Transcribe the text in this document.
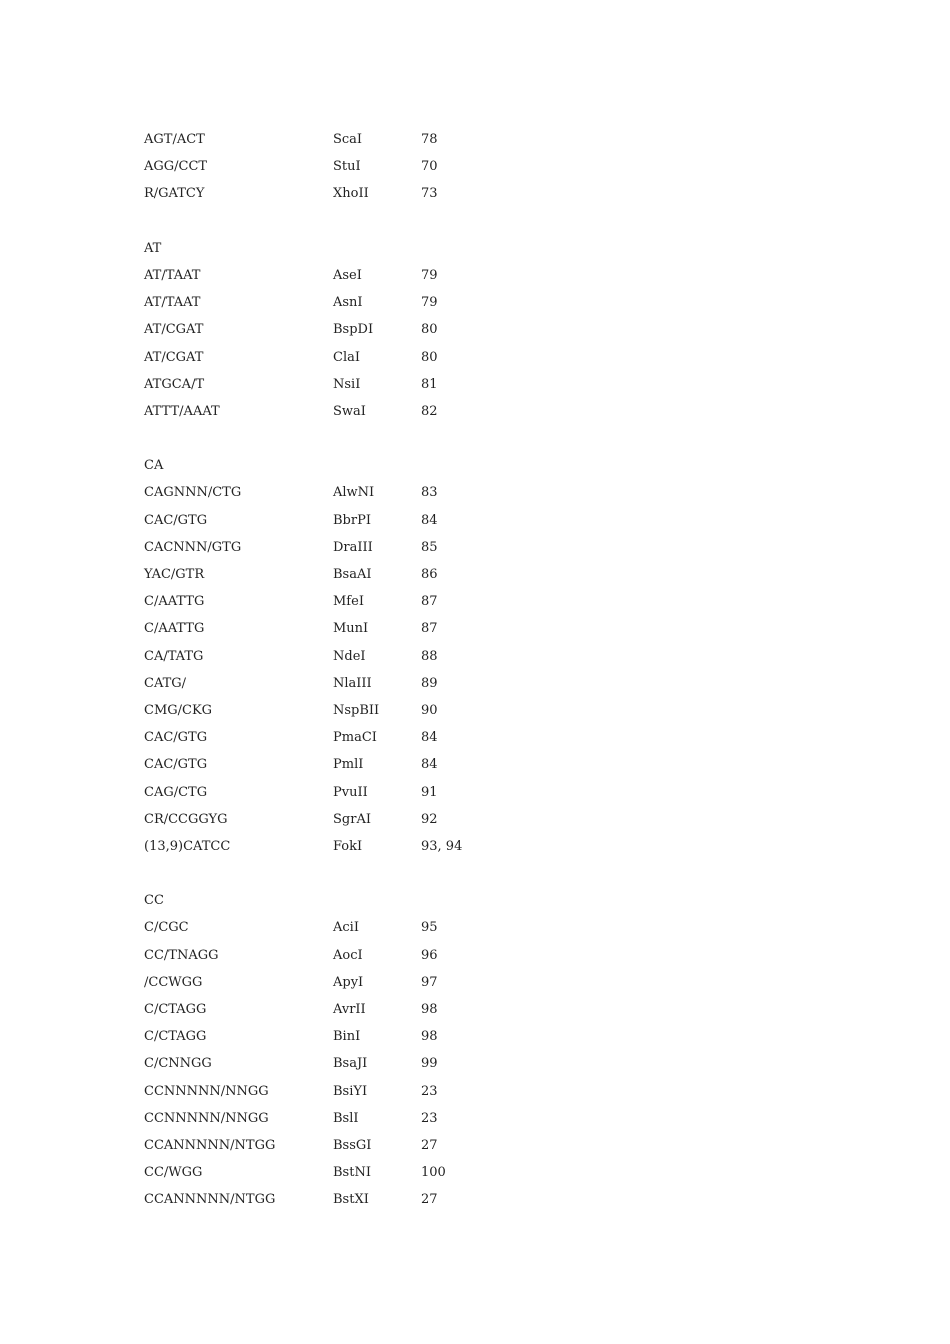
AGT/ACT	ScaI	78
AGG/CCT	StuI	70
R/GATCY	XhoII	73
AT
AT/TAAT	AseI	79
AT/TAAT	AsnI	79
AT/CGAT	BspDI	80
AT/CGAT	ClaI	80
ATGCA/T	NsiI	81
ATTT/AAAT	SwaI	82
CA
CAGNNN/CTG	AlwNI	83
CAC/GTG	BbrPI	84
CACNNN/GTG	DraIII	85
YAC/GTR	BsaAI	86
C/AATTG	MfeI	87
C/AATTG	MunI	87
CA/TATG	NdeI	88
CATG/	NlaIII	89
CMG/CKG	NspBII	90
CAC/GTG	PmaCI	84
CAC/GTG	PmlI	84
CAG/CTG	PvuII	91
CR/CCGGYG	SgrAI	92
(13,9)CATCC	FokI	93, 94
CC
C/CGC	AciI	95
CC/TNAGG	AocI	96
/CCWGG	ApyI	97
C/CTAGG	AvrII	98
C/CTAGG	BinI	98
C/CNNGG	BsaJI	99
CCNNNNN/NNGG	BsiYI	23
CCNNNNN/NNGG	BslI	23
CCANNNNN/NTGG	BssGI	27
CC/WGG	BstNI	100
CCANNNNN/NTGG	BstXI	27
